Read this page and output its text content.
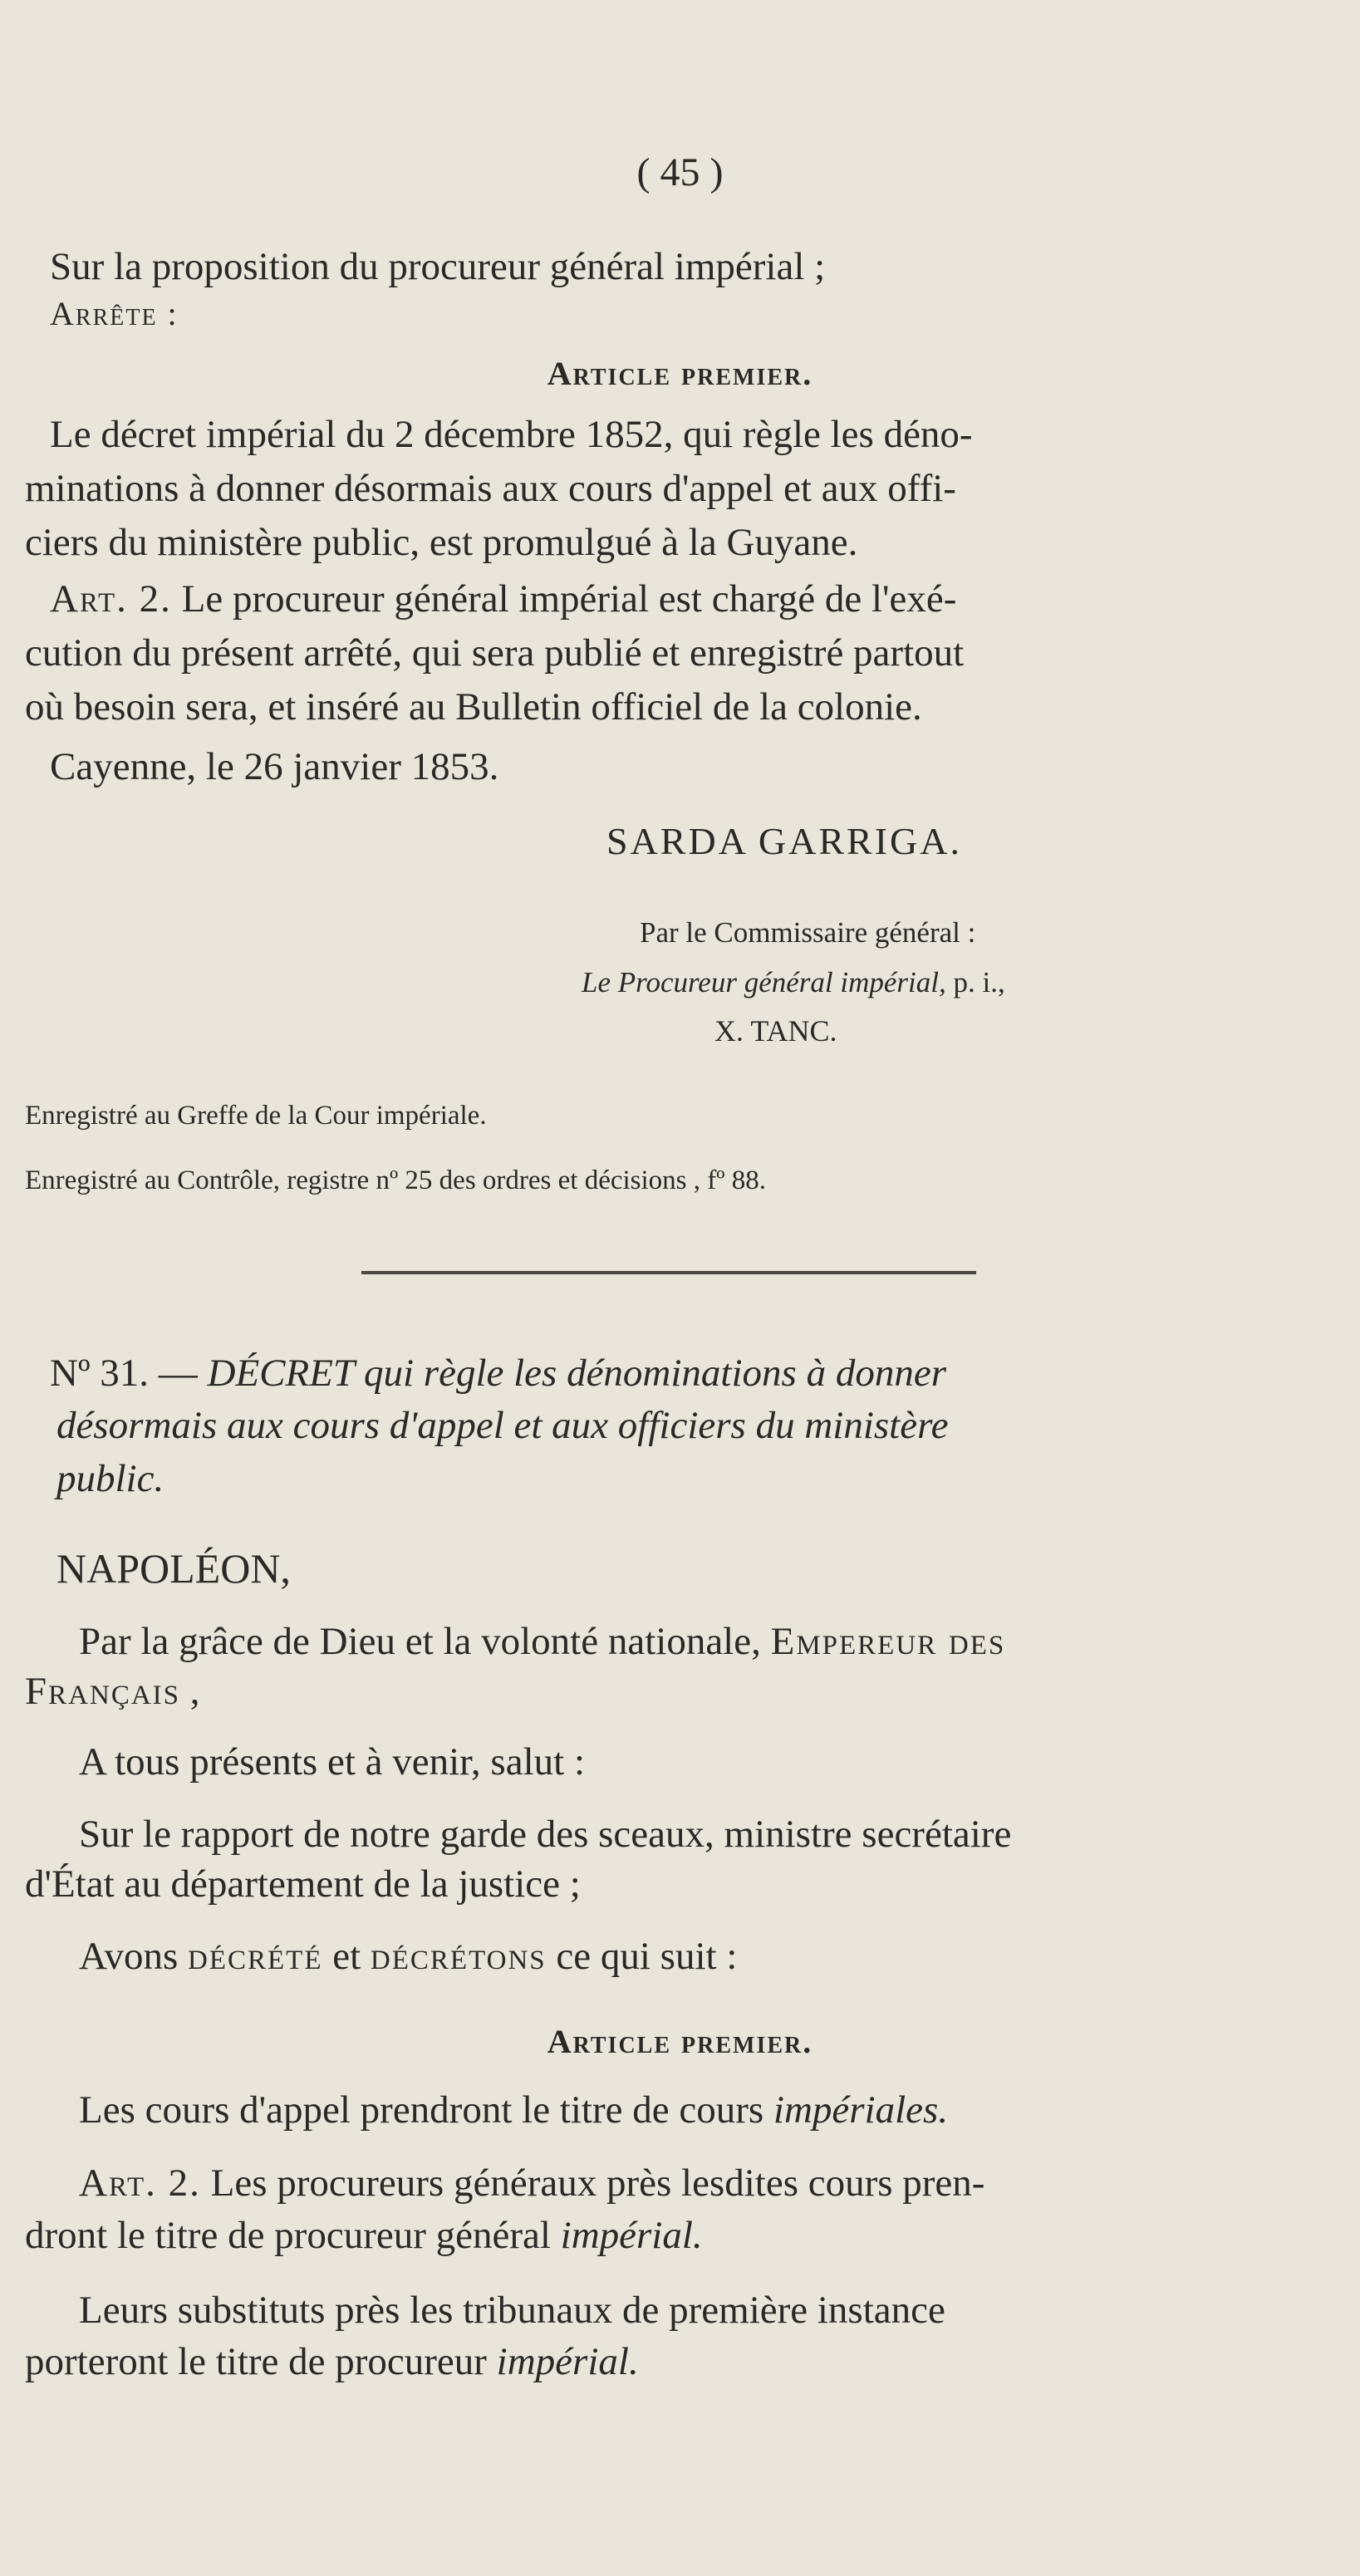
( 45 )
Sur la proposition du procureur général impérial ;
Arrête :
Article premier.
Le décret impérial du 2 décembre 1852, qui règle les déno-
minations à donner désormais aux cours d'appel et aux offi-
ciers du ministère public, est promulgué à la Guyane.
Art. 2. Le procureur général impérial est chargé de l'exé-
cution du présent arrêté, qui sera publié et enregistré partout
où besoin sera, et inséré au Bulletin officiel de la colonie.
Cayenne, le 26 janvier 1853.
SARDA GARRIGA.
Par le Commissaire général :
Le Procureur général impérial, p. i.,
X. TANC.
Enregistré au Greffe de la Cour impériale.
Enregistré au Contrôle, registre nº 25 des ordres et décisions , fº 88.
Nº 31. — DÉCRET qui règle les dénominations à donner
désormais aux cours d'appel et aux officiers du ministère
public.
NAPOLÉON,
Par la grâce de Dieu et la volonté nationale, Empereur des
Français ,
A tous présents et à venir, salut :
Sur le rapport de notre garde des sceaux, ministre secrétaire
d'État au département de la justice ;
Avons décrété et décrétons ce qui suit :
Article premier.
Les cours d'appel prendront le titre de cours impériales.
Art. 2. Les procureurs généraux près lesdites cours pren-
dront le titre de procureur général impérial.
Leurs substituts près les tribunaux de première instance
porteront le titre de procureur impérial.
